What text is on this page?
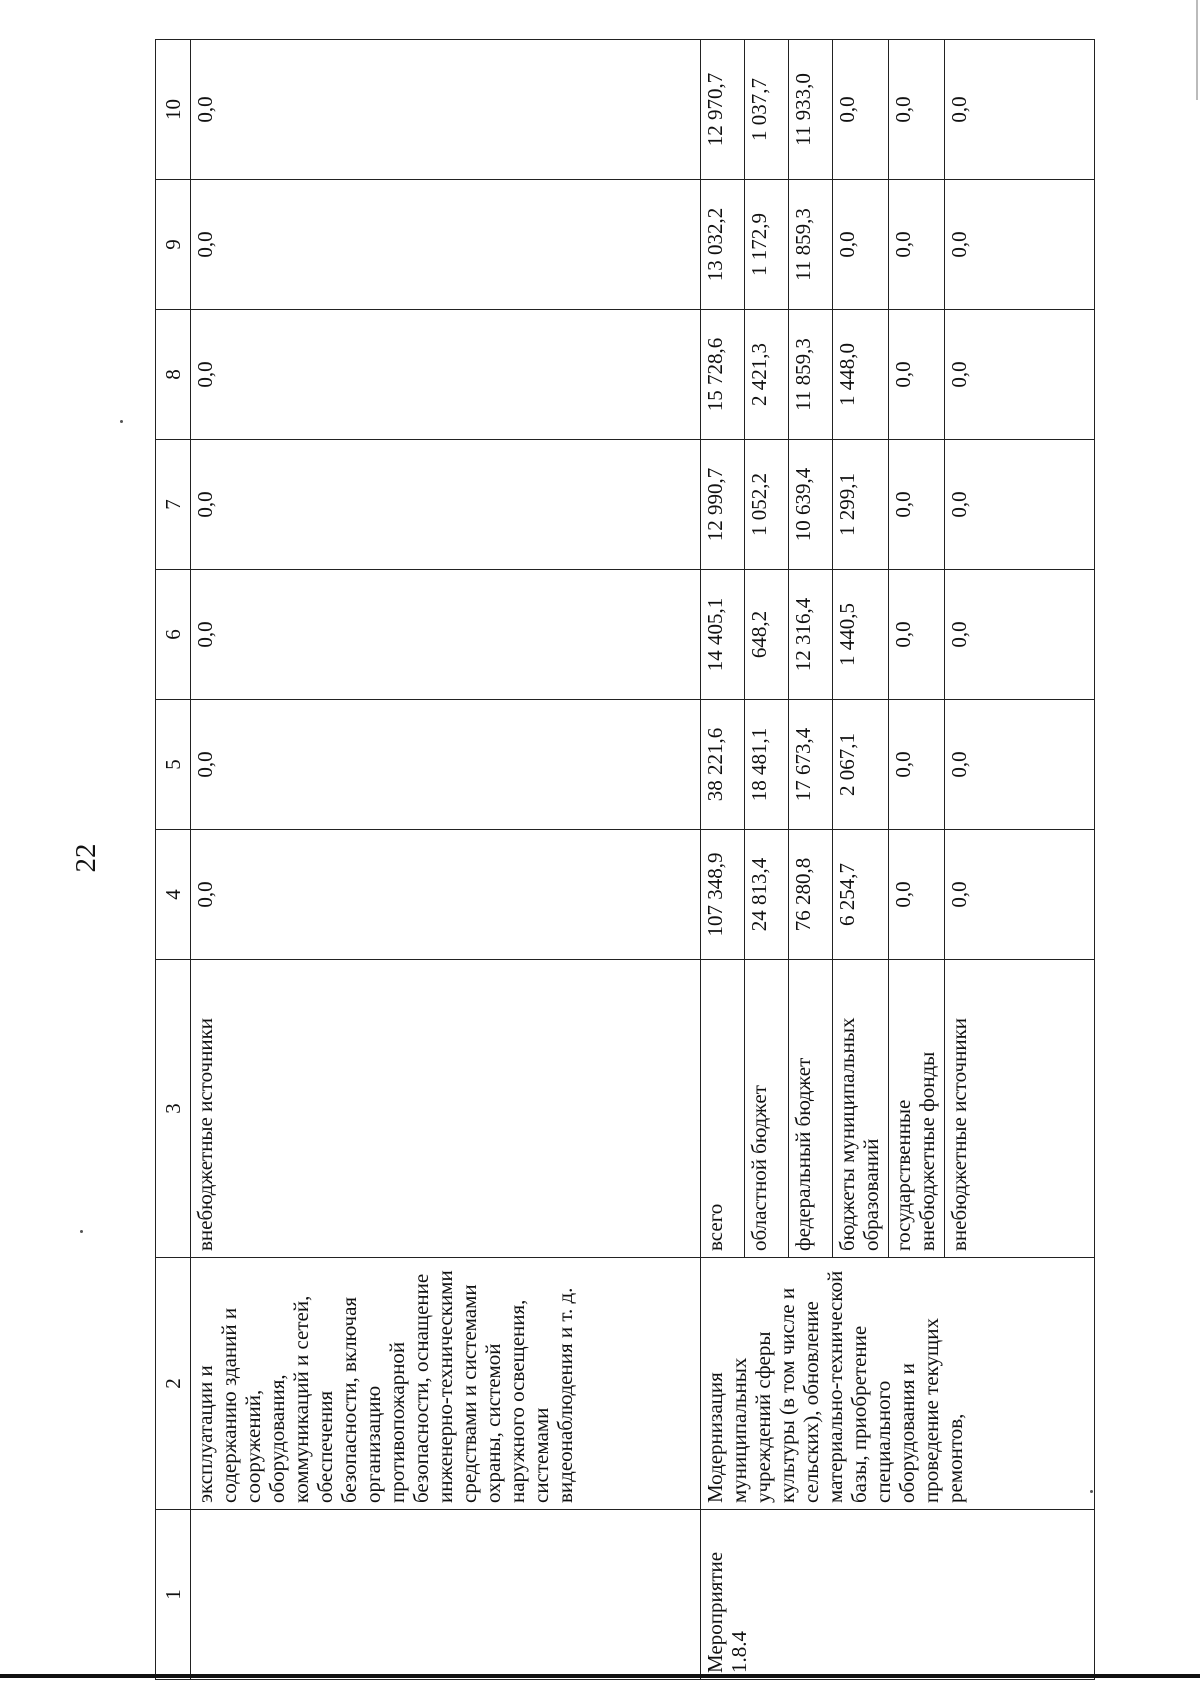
22
1	2	3	4	5	6	7	8	9	10
	эксплуатации и содержанию зданий и сооружений, оборудования, коммуникаций и сетей, обеспечения безопасности, включая организацию противопожарной безопасности, оснащение инженерно-техническими средствами и системами охраны, системой наружного освещения, системами видеонаблюдения и т. д.	внебюджетные источники	0,0	0,0	0,0	0,0	0,0	0,0	0,0
Мероприятие 1.8.4	Модернизация муниципальных учреждений сферы культуры (в том числе и сельских), обновление материально-технической базы, приобретение специального оборудования и проведение текущих ремонтов,	всего	107 348,9	38 221,6	14 405,1	12 990,7	15 728,6	13 032,2	12 970,7
		областной бюджет	24 813,4	18 481,1	648,2	1 052,2	2 421,3	1 172,9	1 037,7
		федеральный бюджет	76 280,8	17 673,4	12 316,4	10 639,4	11 859,3	11 859,3	11 933,0
		бюджеты муниципальных образований	6 254,7	2 067,1	1 440,5	1 299,1	1 448,0	0,0	0,0
		государственные внебюджетные фонды	0,0	0,0	0,0	0,0	0,0	0,0	0,0
		внебюджетные источники	0,0	0,0	0,0	0,0	0,0	0,0	0,0
